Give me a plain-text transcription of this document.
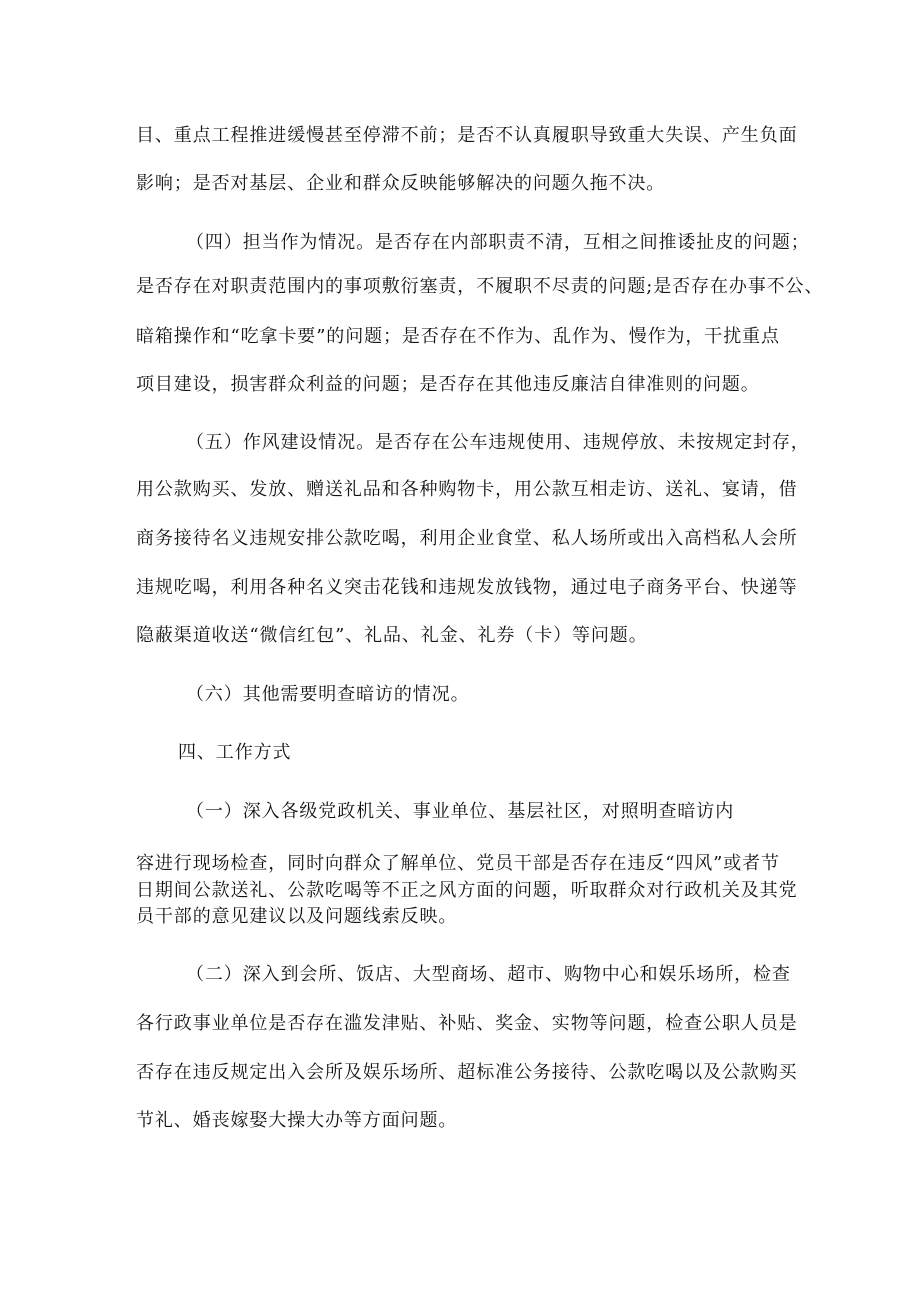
目、重点工程推进缓慢甚至停滞不前；是否不认真履职导致重大失误、产生负面
影响；是否对基层、企业和群众反映能够解决的问题久拖不决。
（四）担当作为情况。是否存在内部职责不清，互相之间推诿扯皮的问题；
是否存在对职责范围内的事项敷衍塞责，不履职不尽责的问题;是否存在办事不公、
暗箱操作和“吃拿卡要”的问题；是否存在不作为、乱作为、慢作为，干扰重点
项目建设，损害群众利益的问题；是否存在其他违反廉洁自律准则的问题。
（五）作风建设情况。是否存在公车违规使用、违规停放、未按规定封存，
用公款购买、发放、赠送礼品和各种购物卡，用公款互相走访、送礼、宴请，借
商务接待名义违规安排公款吃喝，利用企业食堂、私人场所或出入高档私人会所
违规吃喝，利用各种名义突击花钱和违规发放钱物，通过电子商务平台、快递等
隐蔽渠道收送“微信红包”、礼品、礼金、礼券（卡）等问题。
（六）其他需要明查暗访的情况。
四、工作方式
（一）深入各级党政机关、事业单位、基层社区，对照明查暗访内
容进行现场检查，同时向群众了解单位、党员干部是否存在违反“四风”或者节
日期间公款送礼、公款吃喝等不正之风方面的问题，听取群众对行政机关及其党
员干部的意见建议以及问题线索反映。
（二）深入到会所、饭店、大型商场、超市、购物中心和娱乐场所，检查
各行政事业单位是否存在滥发津贴、补贴、奖金、实物等问题，检查公职人员是
否存在违反规定出入会所及娱乐场所、超标准公务接待、公款吃喝以及公款购买
节礼、婚丧嫁娶大操大办等方面问题。
